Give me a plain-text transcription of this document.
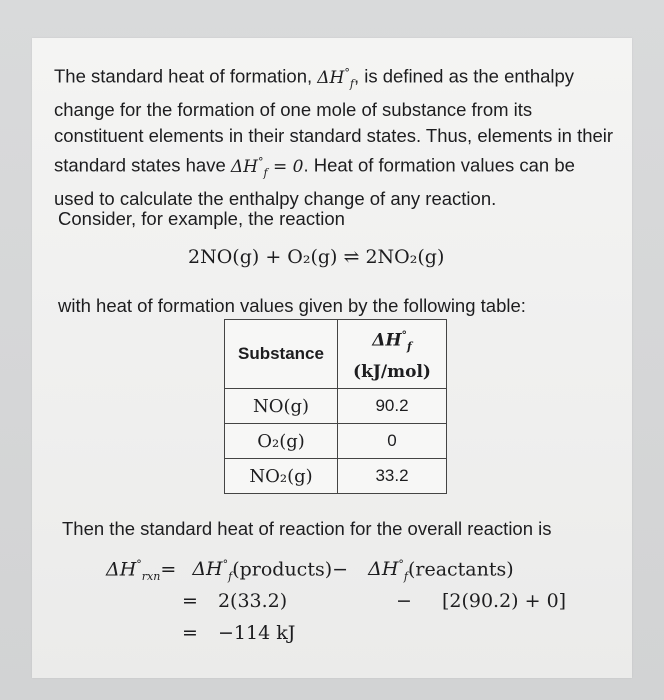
The standard heat of formation, $\Delta H^\circ_f$, is defined as the enthalpy change for the formation of one mole of substance from its constituent elements in their standard states. Thus, elements in their standard states have $\Delta H^\circ_f = 0$. Heat of formation values can be used to calculate the enthalpy change of any reaction.
Consider, for example, the reaction
2NO(g) + O₂(g) ⇌ 2NO₂(g)
with heat of formation values given by the following table:
Substance	$\Delta H^\circ_f$
(kJ/mol)
NO(g)	90.2
O₂(g)	0
NO₂(g)	33.2
Then the standard heat of reaction for the overall reaction is
$\Delta H^\circ_{rxn}=$ $\Delta H^\circ_f(products)-$ $\Delta H^\circ_f(reactants)$
= 2(33.2)	− [2(90.2) + 0]
= −114 kJ
